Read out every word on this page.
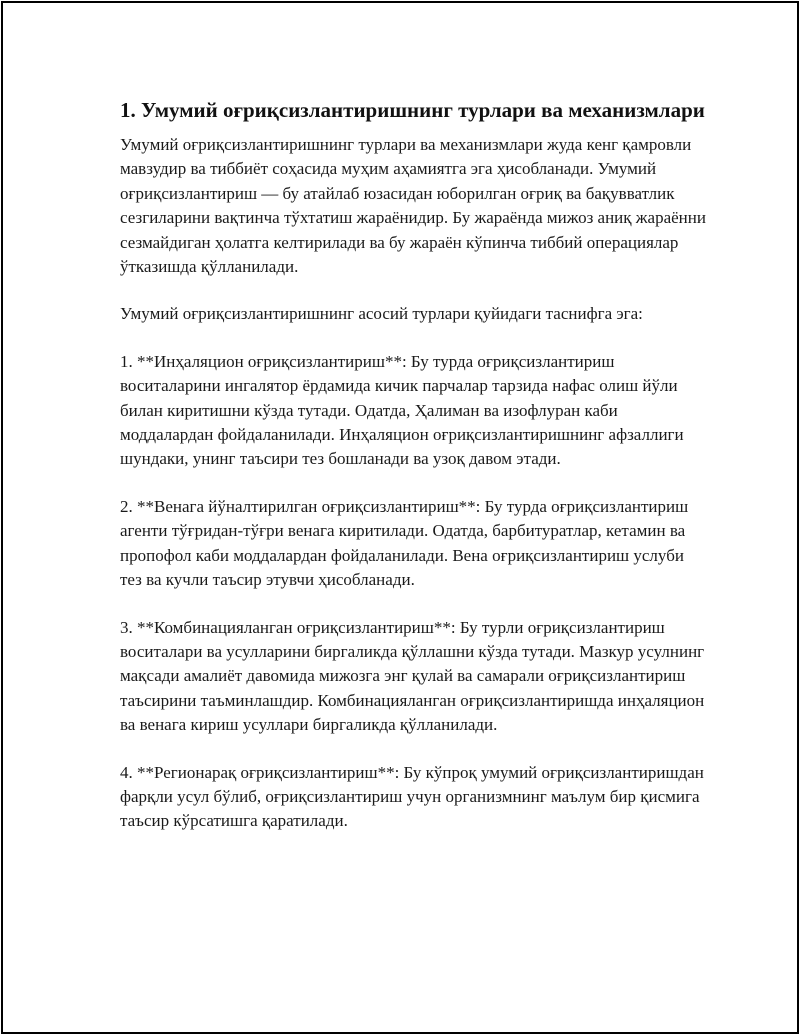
1. Умумий оғриқсизлантиришнинг турлари ва механизмлари

Умумий оғриқсизлантиришнинг турлари ва механизмлари жуда кенг қамровли мавзудир ва тиббиёт соҳасида муҳим аҳамиятга эга ҳисобланади. Умумий оғриқсизлантириш — бу атайлаб юзасидан юборилган оғриқ ва бақувватлик сезгиларини вақтинча тўхтатиш жараёнидир. Бу жараёнда мижоз аниқ жараённи сезмайдиган ҳолатга келтирилади ва бу жараён кўпинча тиббий операциялар ўтказишда қўлланилади.

Умумий оғриқсизлантиришнинг асосий турлари қуйидаги таснифга эга:

1. **Инҳаляцион оғриқсизлантириш**: Бу турда оғриқсизлантириш воситаларини ингалятор ёрдамида кичик парчалар тарзида нафас олиш йўли билан киритишни кўзда тутади. Одатда, Ҳалиман ва изофлуран каби моддалардан фойдаланилади. Инҳаляцион оғриқсизлантиришнинг афзаллиги шундаки, унинг таъсири тез бошланади ва узоқ давом этади.

2. **Венага йўналтирилган оғриқсизлантириш**: Бу турда оғриқсизлантириш агенти тўғридан-тўғри венага киритилади. Одатда, барбитуратлар, кетамин ва пропофол каби моддалардан фойдаланилади. Вена оғриқсизлантириш услуби тез ва кучли таъсир этувчи ҳисобланади.

3. **Комбинацияланган оғриқсизлантириш**: Бу турли оғриқсизлантириш воситалари ва усулларини биргаликда қўллашни кўзда тутади. Мазкур усулнинг мақсади амалиёт давомида мижозга энг қулай ва самарали оғриқсизлантириш таъсирини таъминлашдир. Комбинацияланган оғриқсизлантиришда инҳаляцион ва венага кириш усуллари биргаликда қўлланилади.

4. **Регионарақ оғриқсизлантириш**: Бу кўпроқ умумий оғриқсизлантиришдан фарқли усул бўлиб, оғриқсизлантириш учун организмнинг маълум бир қисмига таъсир кўрсатишга қаратилади.
